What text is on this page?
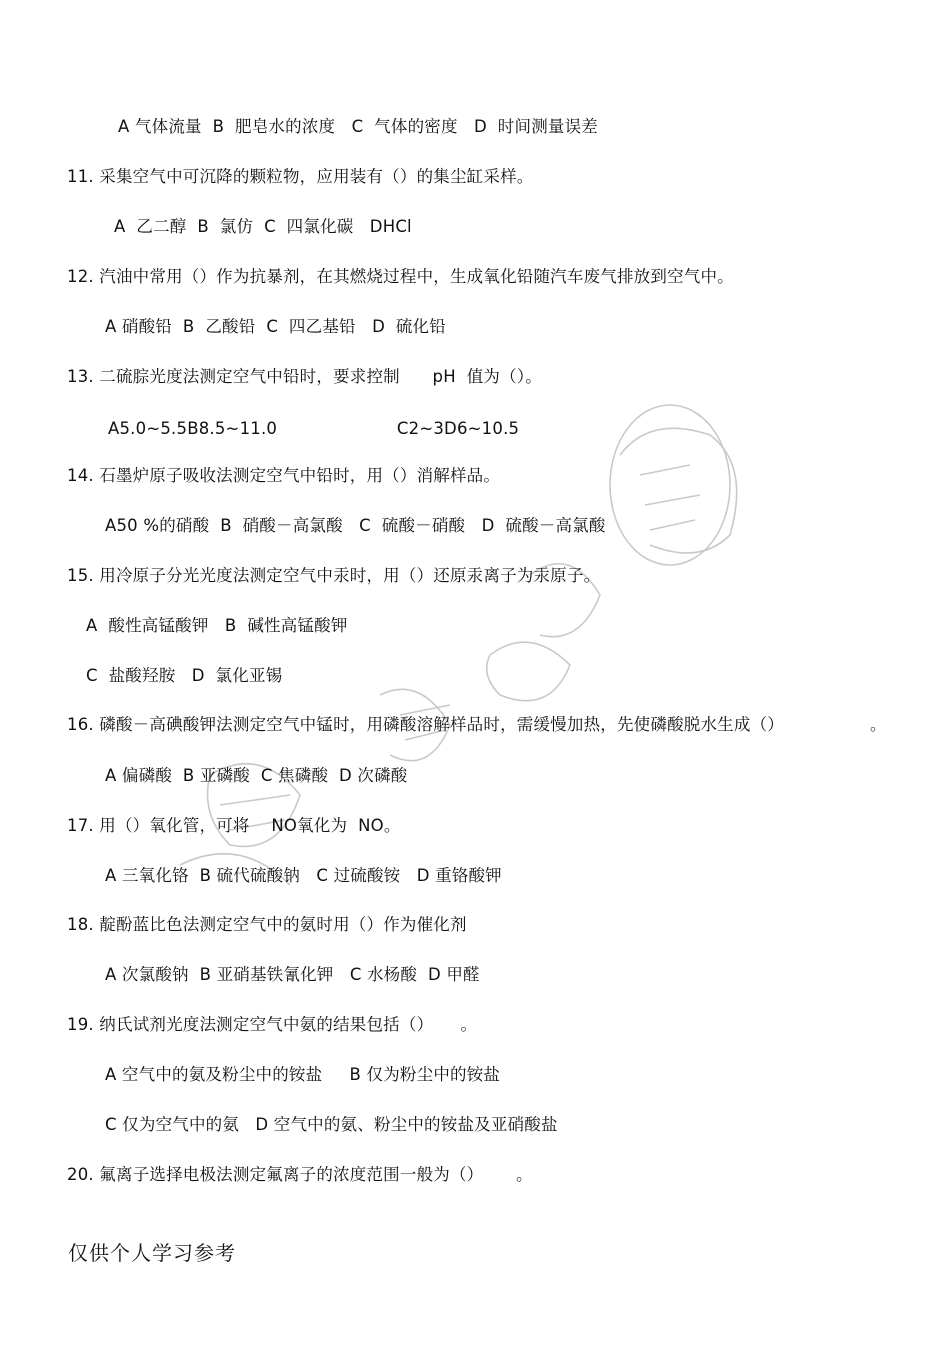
A 气体流量  B  肥皂水的浓度   C  气体的密度   D  时间测量误差
11. 采集空气中可沉降的颗粒物，应用装有（）的集尘缸采样。
A  乙二醇  B  氯仿  C  四氯化碳   DHCl
12. 汽油中常用（）作为抗暴剂，在其燃烧过程中，生成氧化铅随汽车废气排放到空气中。
A 硝酸铅  B  乙酸铅  C  四乙基铅   D  硫化铅
13. 二硫腙光度法测定空气中铅时，要求控制      pH  值为（）。
A5.0~5.5B8.5~11.0                      C2~3D6~10.5
14. 石墨炉原子吸收法测定空气中铅时，用（）消解样品。
A50 %的硝酸  B  硝酸－高氯酸   C  硫酸－硝酸   D  硫酸－高氯酸
15. 用冷原子分光光度法测定空气中汞时，用（）还原汞离子为汞原子。
A  酸性高锰酸钾   B  碱性高锰酸钾
C  盐酸羟胺   D  氯化亚锡
16. 磷酸－高碘酸钾法测定空气中锰时，用磷酸溶解样品时，需缓慢加热，先使磷酸脱水生成（）	。
A 偏磷酸  B 亚磷酸  C 焦磷酸  D 次磷酸
17. 用（）氧化管，可将    NO氧化为  NO。
A 三氧化铬  B 硫代硫酸钠   C 过硫酸铵   D 重铬酸钾
18. 靛酚蓝比色法测定空气中的氨时用（）作为催化剂
A 次氯酸钠  B 亚硝基铁氰化钾   C 水杨酸  D 甲醛
19. 纳氏试剂光度法测定空气中氨的结果包括（）     。
A 空气中的氨及粉尘中的铵盐     B 仅为粉尘中的铵盐
C 仅为空气中的氨   D 空气中的氨、粉尘中的铵盐及亚硝酸盐
20. 氟离子选择电极法测定氟离子的浓度范围一般为（）      。
仅供个人学习参考
